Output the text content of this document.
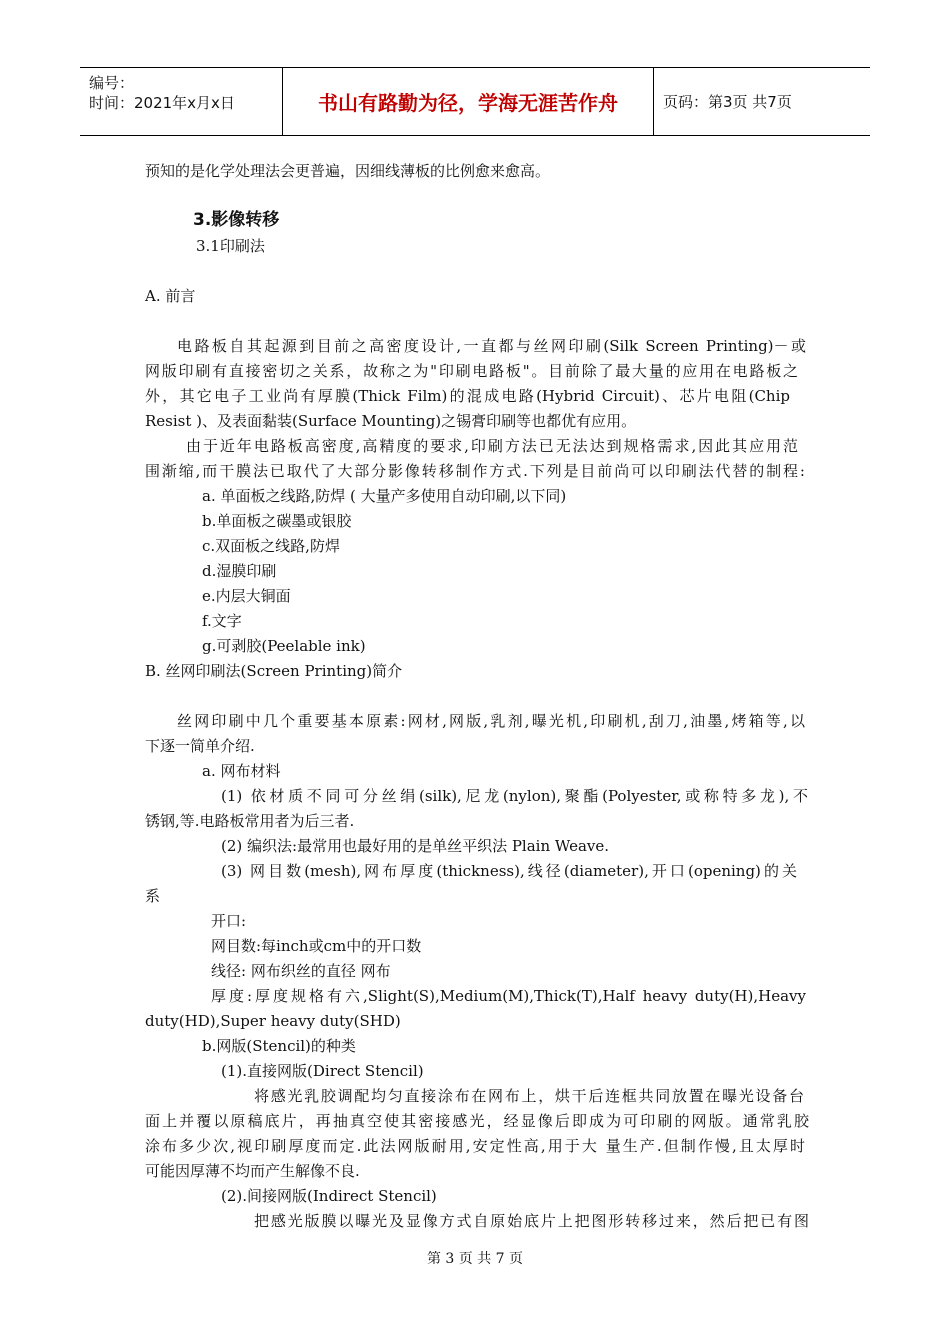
编号：
时间：2021年x月x日	书山有路勤为径，学海无涯苦作舟	页码：第3页 共7页
预知的是化学处理法会更普遍，因细线薄板的比例愈来愈高。
3.影像转移
3.1印刷法
A. 前言
电路板自其起源到目前之高密度设计,一直都与丝网印刷(Silk Screen Printing)－或
网版印刷有直接密切之关系，故称之为"印刷电路板"。目前除了最大量的应用在电路板之
外，其它电子工业尚有厚膜(Thick Film)的混成电路(Hybrid Circuit)、芯片电阻(Chip
Resist )、及表面黏装(Surface Mounting)之锡膏印刷等也都优有应用。
由于近年电路板高密度,高精度的要求,印刷方法已无法达到规格需求,因此其应用范
围渐缩,而干膜法已取代了大部分影像转移制作方式.下列是目前尚可以印刷法代替的制程:
a. 单面板之线路,防焊 ( 大量产多使用自动印刷,以下同)
b.单面板之碳墨或银胶
c.双面板之线路,防焊
d.湿膜印刷
e.内层大铜面
f.文字
g.可剥胶(Peelable ink)
B. 丝网印刷法(Screen Printing)简介
丝网印刷中几个重要基本原素:网材,网版,乳剂,曝光机,印刷机,刮刀,油墨,烤箱等,以
下逐一简单介绍.
a. 网布材料
(1) 依材质不同可分丝绢(silk),尼龙(nylon),聚酯(Polyester,或称特多龙),不
锈钢,等.电路板常用者为后三者.
(2) 编织法:最常用也最好用的是单丝平织法 Plain Weave.
(3) 网目数(mesh),网布厚度(thickness),线径(diameter),开口(opening)的关
系
开口:
网目数:每inch或cm中的开口数
线径: 网布织丝的直径 网布
厚度:厚度规格有六,Slight(S),Medium(M),Thick(T),Half heavy duty(H),Heavy
duty(HD),Super heavy duty(SHD)
b.网版(Stencil)的种类
(1).直接网版(Direct Stencil)
将感光乳胶调配均匀直接涂布在网布上，烘干后连框共同放置在曝光设备台
面上并覆以原稿底片，再抽真空使其密接感光，经显像后即成为可印刷的网版。通常乳胶
涂布多少次,视印刷厚度而定.此法网版耐用,安定性高,用于大 量生产.但制作慢,且太厚时
可能因厚薄不均而产生解像不良.
(2).间接网版(Indirect Stencil)
把感光版膜以曝光及显像方式自原始底片上把图形转移过来，然后把已有图
第 3 页 共 7 页
